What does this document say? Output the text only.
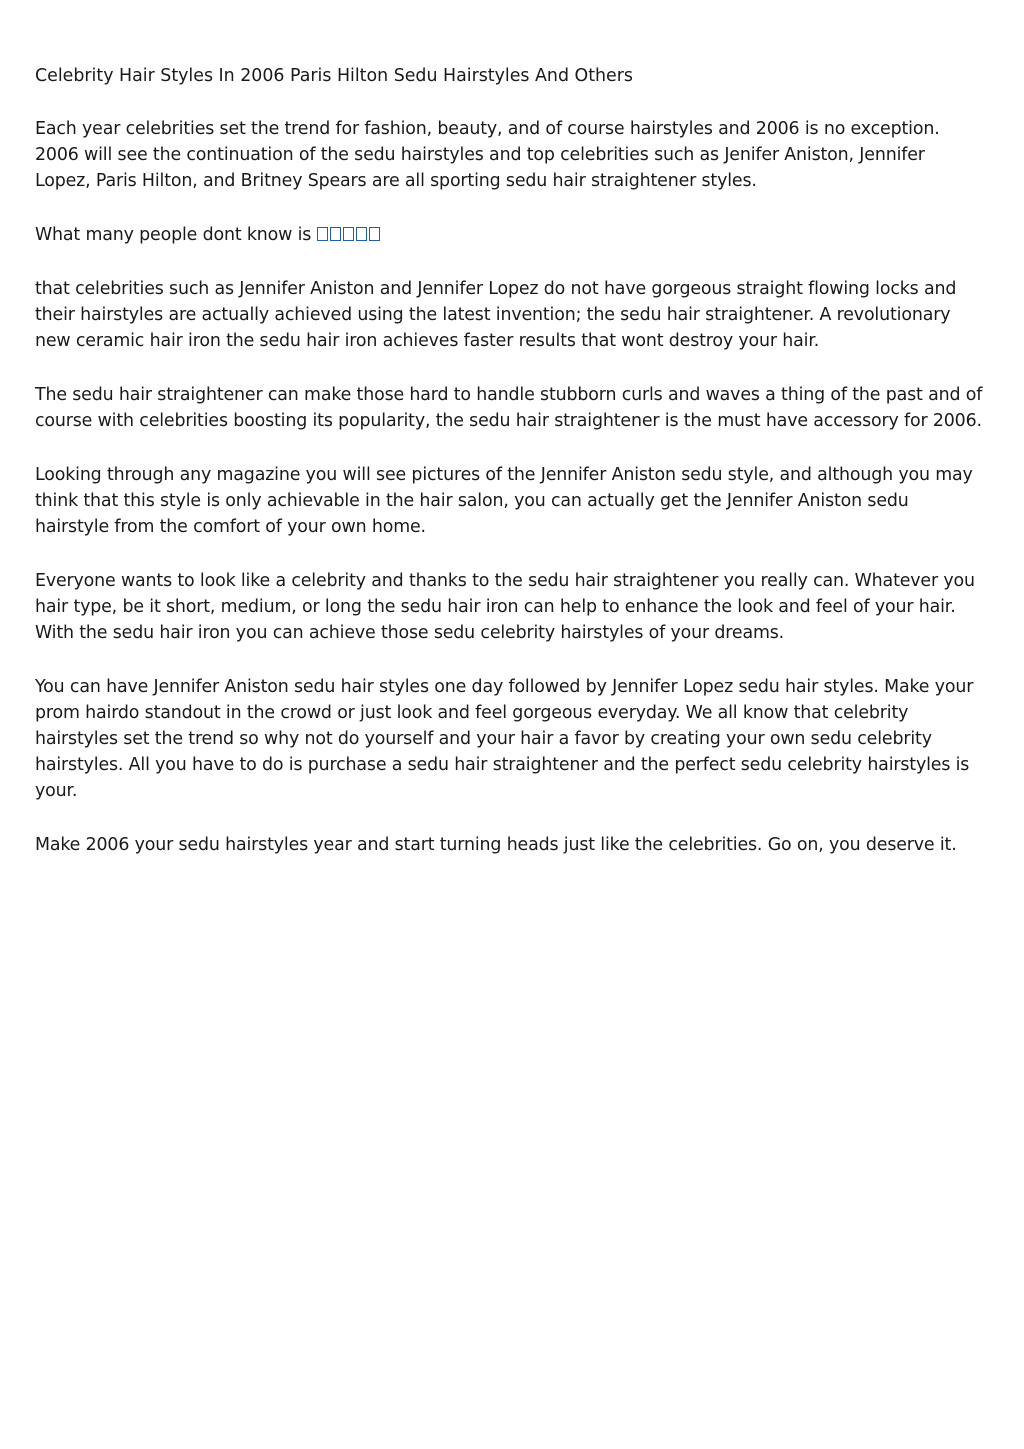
Celebrity Hair Styles In 2006 Paris Hilton Sedu Hairstyles And Others

Each year celebrities set the trend for fashion, beauty, and of course hairstyles and 2006 is no exception. 2006 will see the continuation of the sedu hairstyles and top celebrities such as Jenifer Aniston, Jennifer Lopez, Paris Hilton, and Britney Spears are all sporting sedu hair straightener styles.

What many people dont know is

that celebrities such as Jennifer Aniston and Jennifer Lopez do not have gorgeous straight flowing locks and their hairstyles are actually achieved using the latest invention; the sedu hair straightener. A revolutionary new ceramic hair iron the sedu hair iron achieves faster results that wont destroy your hair.

The sedu hair straightener can make those hard to handle stubborn curls and waves a thing of the past and of course with celebrities boosting its popularity, the sedu hair straightener is the must have accessory for 2006.

Looking through any magazine you will see pictures of the Jennifer Aniston sedu style, and although you may think that this style is only achievable in the hair salon, you can actually get the Jennifer Aniston sedu hairstyle from the comfort of your own home.

Everyone wants to look like a celebrity and thanks to the sedu hair straightener you really can. Whatever you hair type, be it short, medium, or long the sedu hair iron can help to enhance the look and feel of your hair. With the sedu hair iron you can achieve those sedu celebrity hairstyles of your dreams.

You can have Jennifer Aniston sedu hair styles one day followed by Jennifer Lopez sedu hair styles. Make your prom hairdo standout in the crowd or just look and feel gorgeous everyday. We all know that celebrity hairstyles set the trend so why not do yourself and your hair a favor by creating your own sedu celebrity hairstyles. All you have to do is purchase a sedu hair straightener and the perfect sedu celebrity hairstyles is your.

Make 2006 your sedu hairstyles year and start turning heads just like the celebrities. Go on, you deserve it.
